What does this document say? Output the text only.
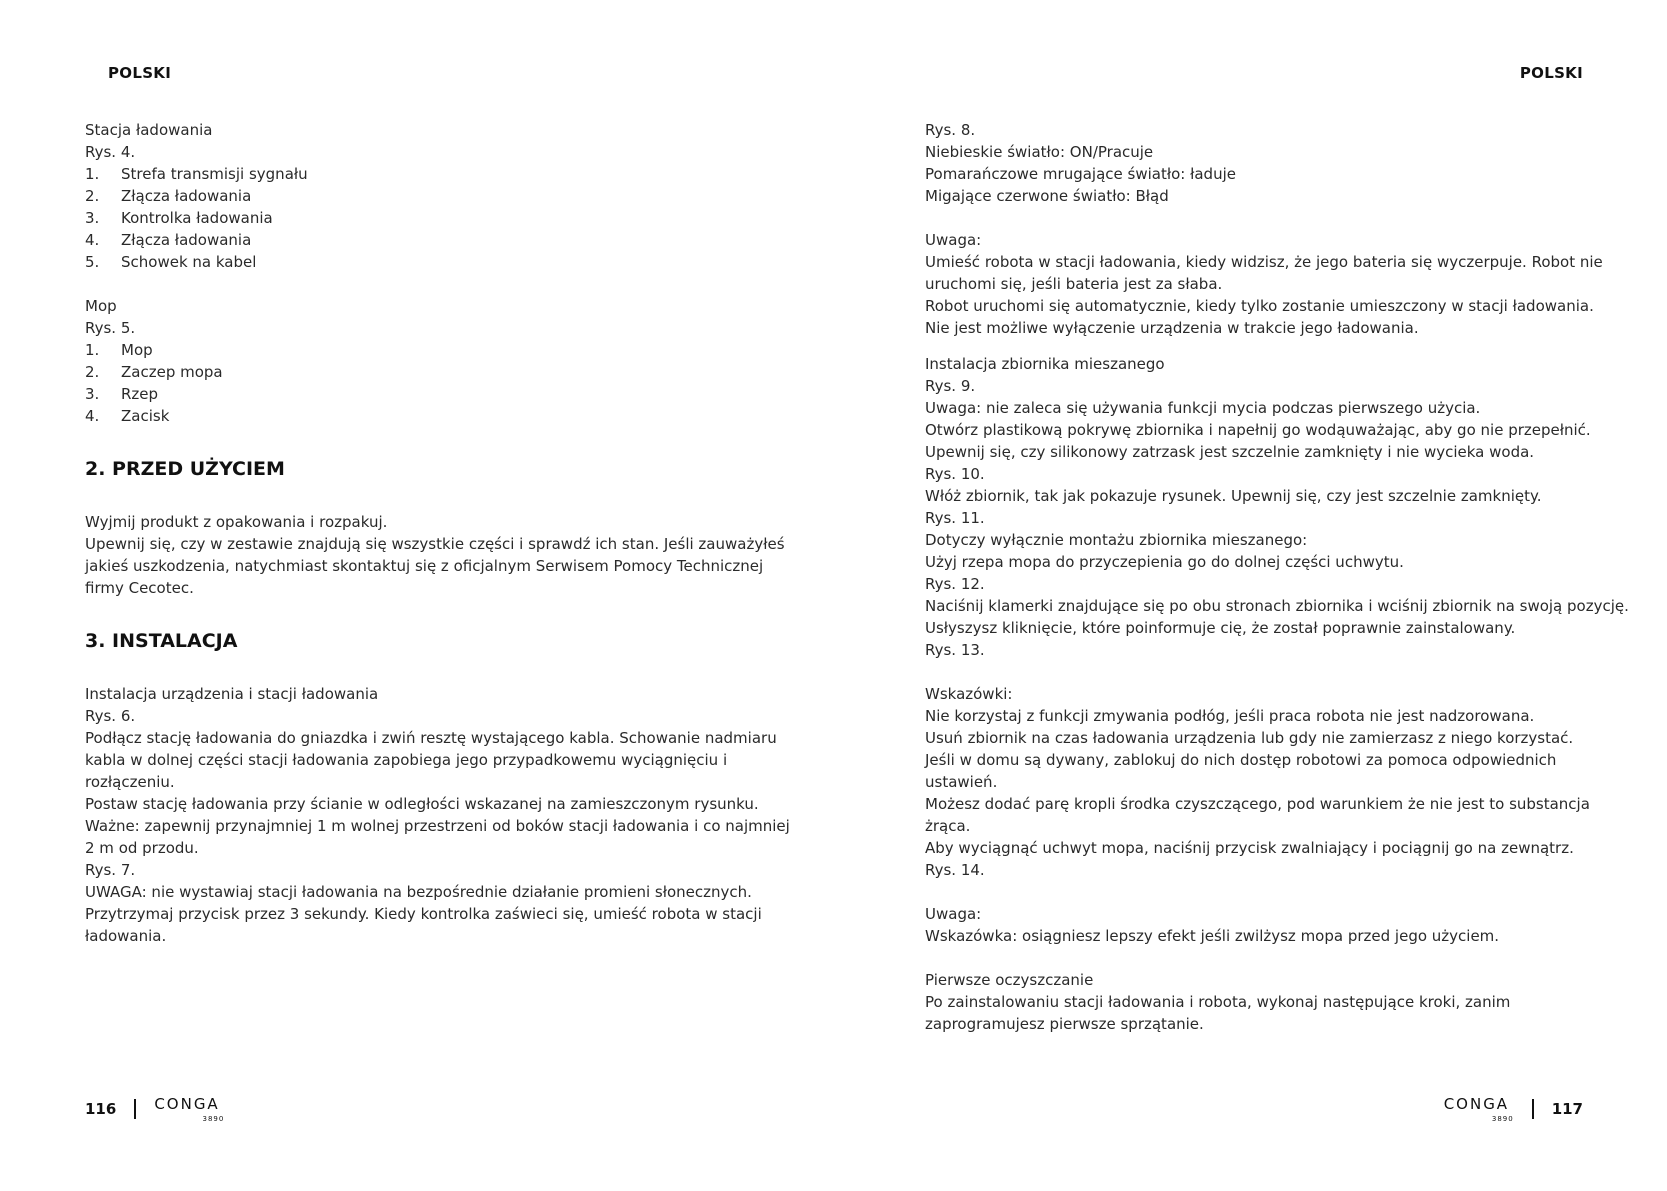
POLSKI
Stacja ładowania
Rys. 4.
1. Strefa transmisji sygnału
2. Złącza ładowania
3. Kontrolka ładowania
4. Złącza ładowania
5. Schowek na kabel
Mop
Rys. 5.
1. Mop
2. Zaczep mopa
3. Rzep
4. Zacisk
2. PRZED UŻYCIEM
Wyjmij produkt z opakowania i rozpakuj.
Upewnij się, czy w zestawie znajdują się wszystkie części i sprawdź ich stan. Jeśli zauważyłeś
jakieś uszkodzenia, natychmiast skontaktuj się z oficjalnym Serwisem Pomocy Technicznej
firmy Cecotec.
3. INSTALACJA
Instalacja urządzenia i stacji ładowania
Rys. 6.
Podłącz stację ładowania do gniazdka i zwiń resztę wystającego kabla. Schowanie nadmiaru
kabla w dolnej części stacji ładowania zapobiega jego przypadkowemu wyciągnięciu i
rozłączeniu.
Postaw stację ładowania przy ścianie w odległości wskazanej na zamieszczonym rysunku.
Ważne: zapewnij przynajmniej 1 m wolnej przestrzeni od boków stacji ładowania i co najmniej
2 m od przodu.
Rys. 7.
UWAGA: nie wystawiaj stacji ładowania na bezpośrednie działanie promieni słonecznych.
Przytrzymaj przycisk przez 3 sekundy. Kiedy kontrolka zaświeci się, umieść robota w stacji
ładowania.
116	CONGA
3890
POLSKI
Rys. 8.
Niebieskie światło: ON/Pracuje
Pomarańczowe mrugające światło: ładuje
Migające czerwone światło: Błąd
Uwaga:
Umieść robota w stacji ładowania, kiedy widzisz, że jego bateria się wyczerpuje. Robot nie
uruchomi się, jeśli bateria jest za słaba.
Robot uruchomi się automatycznie, kiedy tylko zostanie umieszczony w stacji ładowania.
Nie jest możliwe wyłączenie urządzenia w trakcie jego ładowania.
Instalacja zbiornika mieszanego
Rys. 9.
Uwaga: nie zaleca się używania funkcji mycia podczas pierwszego użycia.
Otwórz plastikową pokrywę zbiornika i napełnij go wodąuważając, aby go nie przepełnić.
Upewnij się, czy silikonowy zatrzask jest szczelnie zamknięty i nie wycieka woda.
Rys. 10.
Włóż zbiornik, tak jak pokazuje rysunek. Upewnij się, czy jest szczelnie zamknięty.
Rys. 11.
Dotyczy wyłącznie montażu zbiornika mieszanego:
Użyj rzepa mopa do przyczepienia go do dolnej części uchwytu.
Rys. 12.
Naciśnij klamerki znajdujące się po obu stronach zbiornika i wciśnij zbiornik na swoją pozycję.
Usłyszysz kliknięcie, które poinformuje cię, że został poprawnie zainstalowany.
Rys. 13.
Wskazówki:
Nie korzystaj z funkcji zmywania podłóg, jeśli praca robota nie jest nadzorowana.
Usuń zbiornik na czas ładowania urządzenia lub gdy nie zamierzasz z niego korzystać.
Jeśli w domu są dywany, zablokuj do nich dostęp robotowi za pomoca odpowiednich
ustawień.
Możesz dodać parę kropli środka czyszczącego, pod warunkiem że nie jest to substancja
żrąca.
Aby wyciągnąć uchwyt mopa, naciśnij przycisk zwalniający i pociągnij go na zewnątrz.
Rys. 14.
Uwaga:
Wskazówka: osiągniesz lepszy efekt jeśli zwilżysz mopa przed jego użyciem.
Pierwsze oczyszczanie
Po zainstalowaniu stacji ładowania i robota, wykonaj następujące kroki, zanim
zaprogramujesz pierwsze sprzątanie.
CONGA
3890
117
